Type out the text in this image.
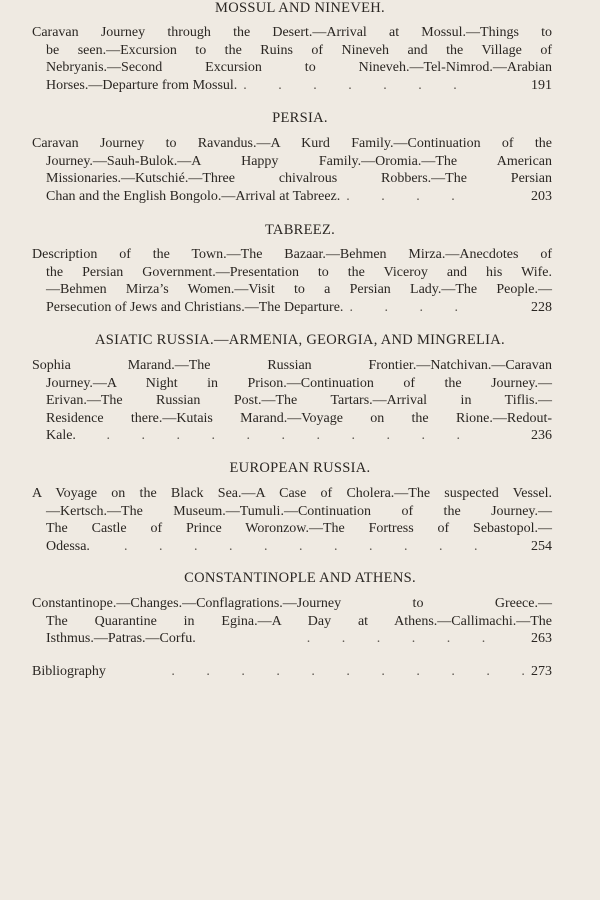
MOSSUL AND NINEVEH.
Caravan Journey through the Desert.—Arrival at Mossul.—Things to
be seen.—Excursion to the Ruins of Nineveh and the Village of
Nebryanis.—Second Excursion to Nineveh.—Tel-Nimrod.—Arabian
Horses.—Departure from Mossul. .         .         .         .         .         .         .	191
PERSIA.
Caravan Journey to Ravandus.—A Kurd Family.—Continuation of the
Journey.—Sauh-Bulok.—A Happy Family.—Oromia.—The American
Missionaries.—Kutschié.—Three chivalrous Robbers.—The Persian
Chan and the English Bongolo.—Arrival at Tabreez. .         .         .         .	203
TABREEZ.
Description of the Town.—The Bazaar.—Behmen Mirza.—Anecdotes of
the Persian Government.—Presentation to the Viceroy and his Wife.
—Behmen Mirza’s Women.—Visit to a Persian Lady.—The People.—
Persecution of Jews and Christians.—The Departure. .         .         .         .	228
ASIATIC RUSSIA.—ARMENIA, GEORGIA, AND MINGRELIA.
Sophia Marand.—The Russian Frontier.—Natchivan.—Caravan
Journey.—A Night in Prison.—Continuation of the Journey.—
Erivan.—The Russian Post.—The Tartars.—Arrival in Tiflis.—
Residence there.—Kutais Marand.—Voyage on the Rione.—Redout-
Kale. .         .         .         .         .         .         .         .         .         .         .	236
EUROPEAN RUSSIA.
A Voyage on the Black Sea.—A Case of Cholera.—The suspected Vessel.
—Kertsch.—The Museum.—Tumuli.—Continuation of the Journey.—
The Castle of Prince Woronzow.—The Fortress of Sebastopol.—
Odessa. .         .         .         .         .         .         .         .         .         .         .	254
CONSTANTINOPLE AND ATHENS.
Constantinope.—Changes.—Conflagrations.—Journey to Greece.—
The Quarantine in Egina.—A Day at Athens.—Callimachi.—The
Isthmus.—Patras.—Corfu. .         .         .         .         .         .	263
Bibliography .         .         .         .         .         .         .         .         .         .         . 273
